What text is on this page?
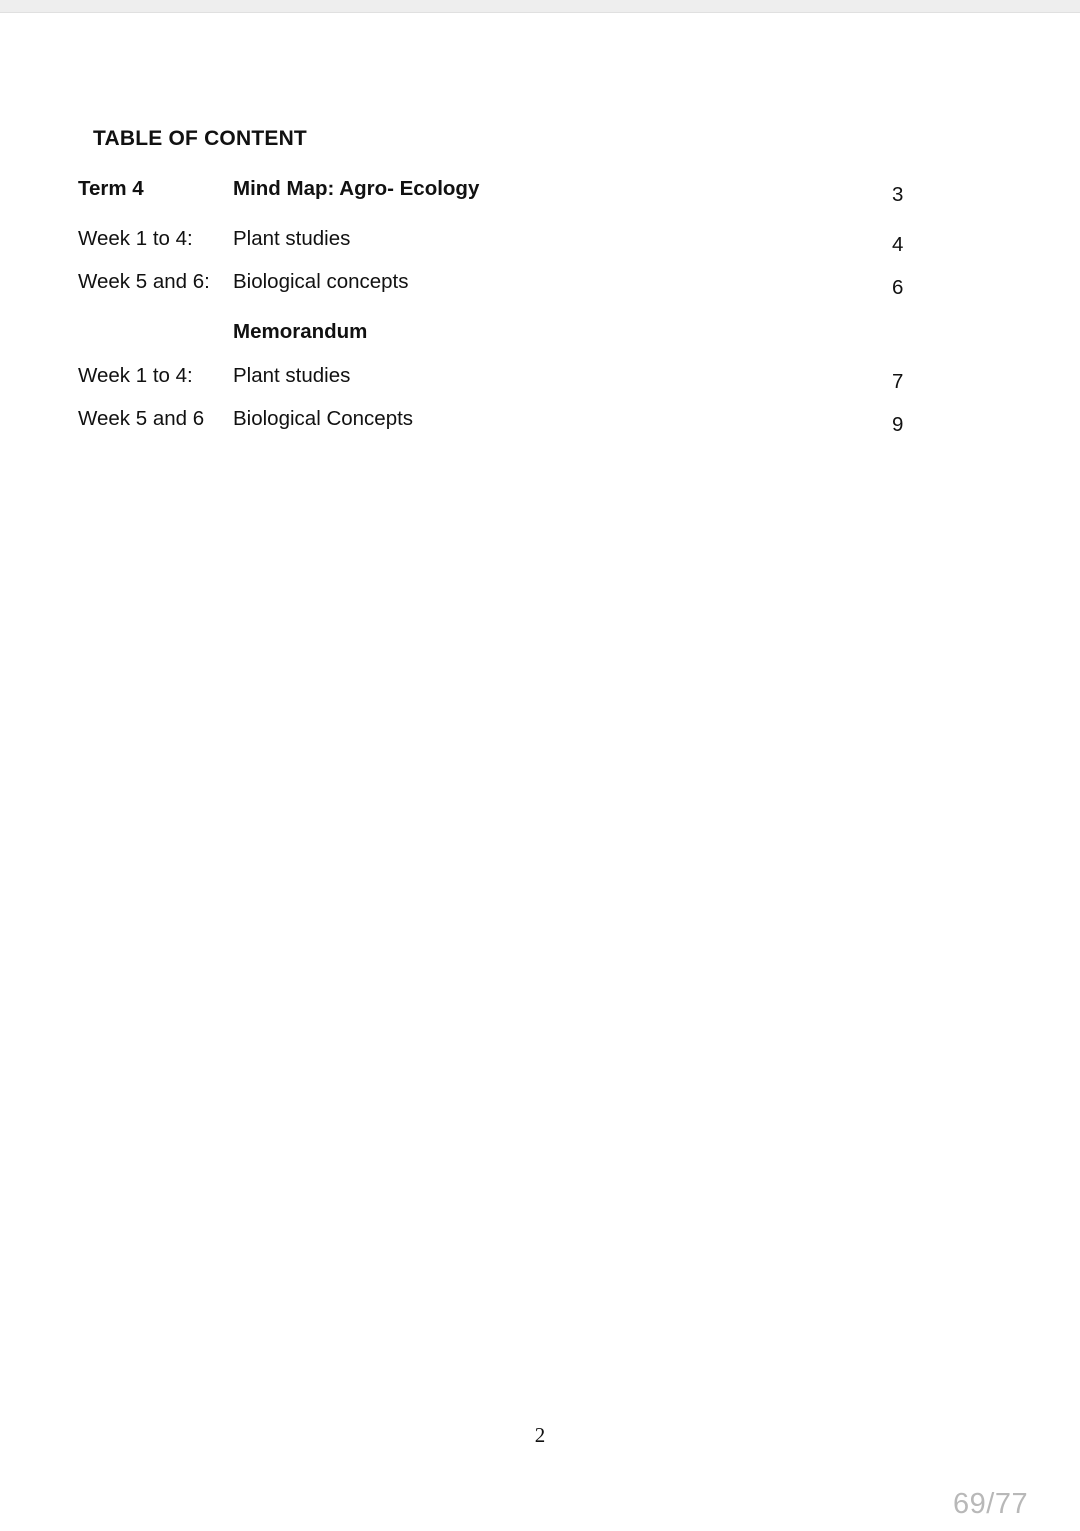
TABLE OF CONTENT
Term 4	Mind Map: Agro- Ecology	3
Week 1 to 4: Plant studies	4
Week 5 and 6: Biological concepts	6
Memorandum
Week 1 to 4: Plant studies	7
Week 5 and 6 Biological Concepts	9
2
69/77
